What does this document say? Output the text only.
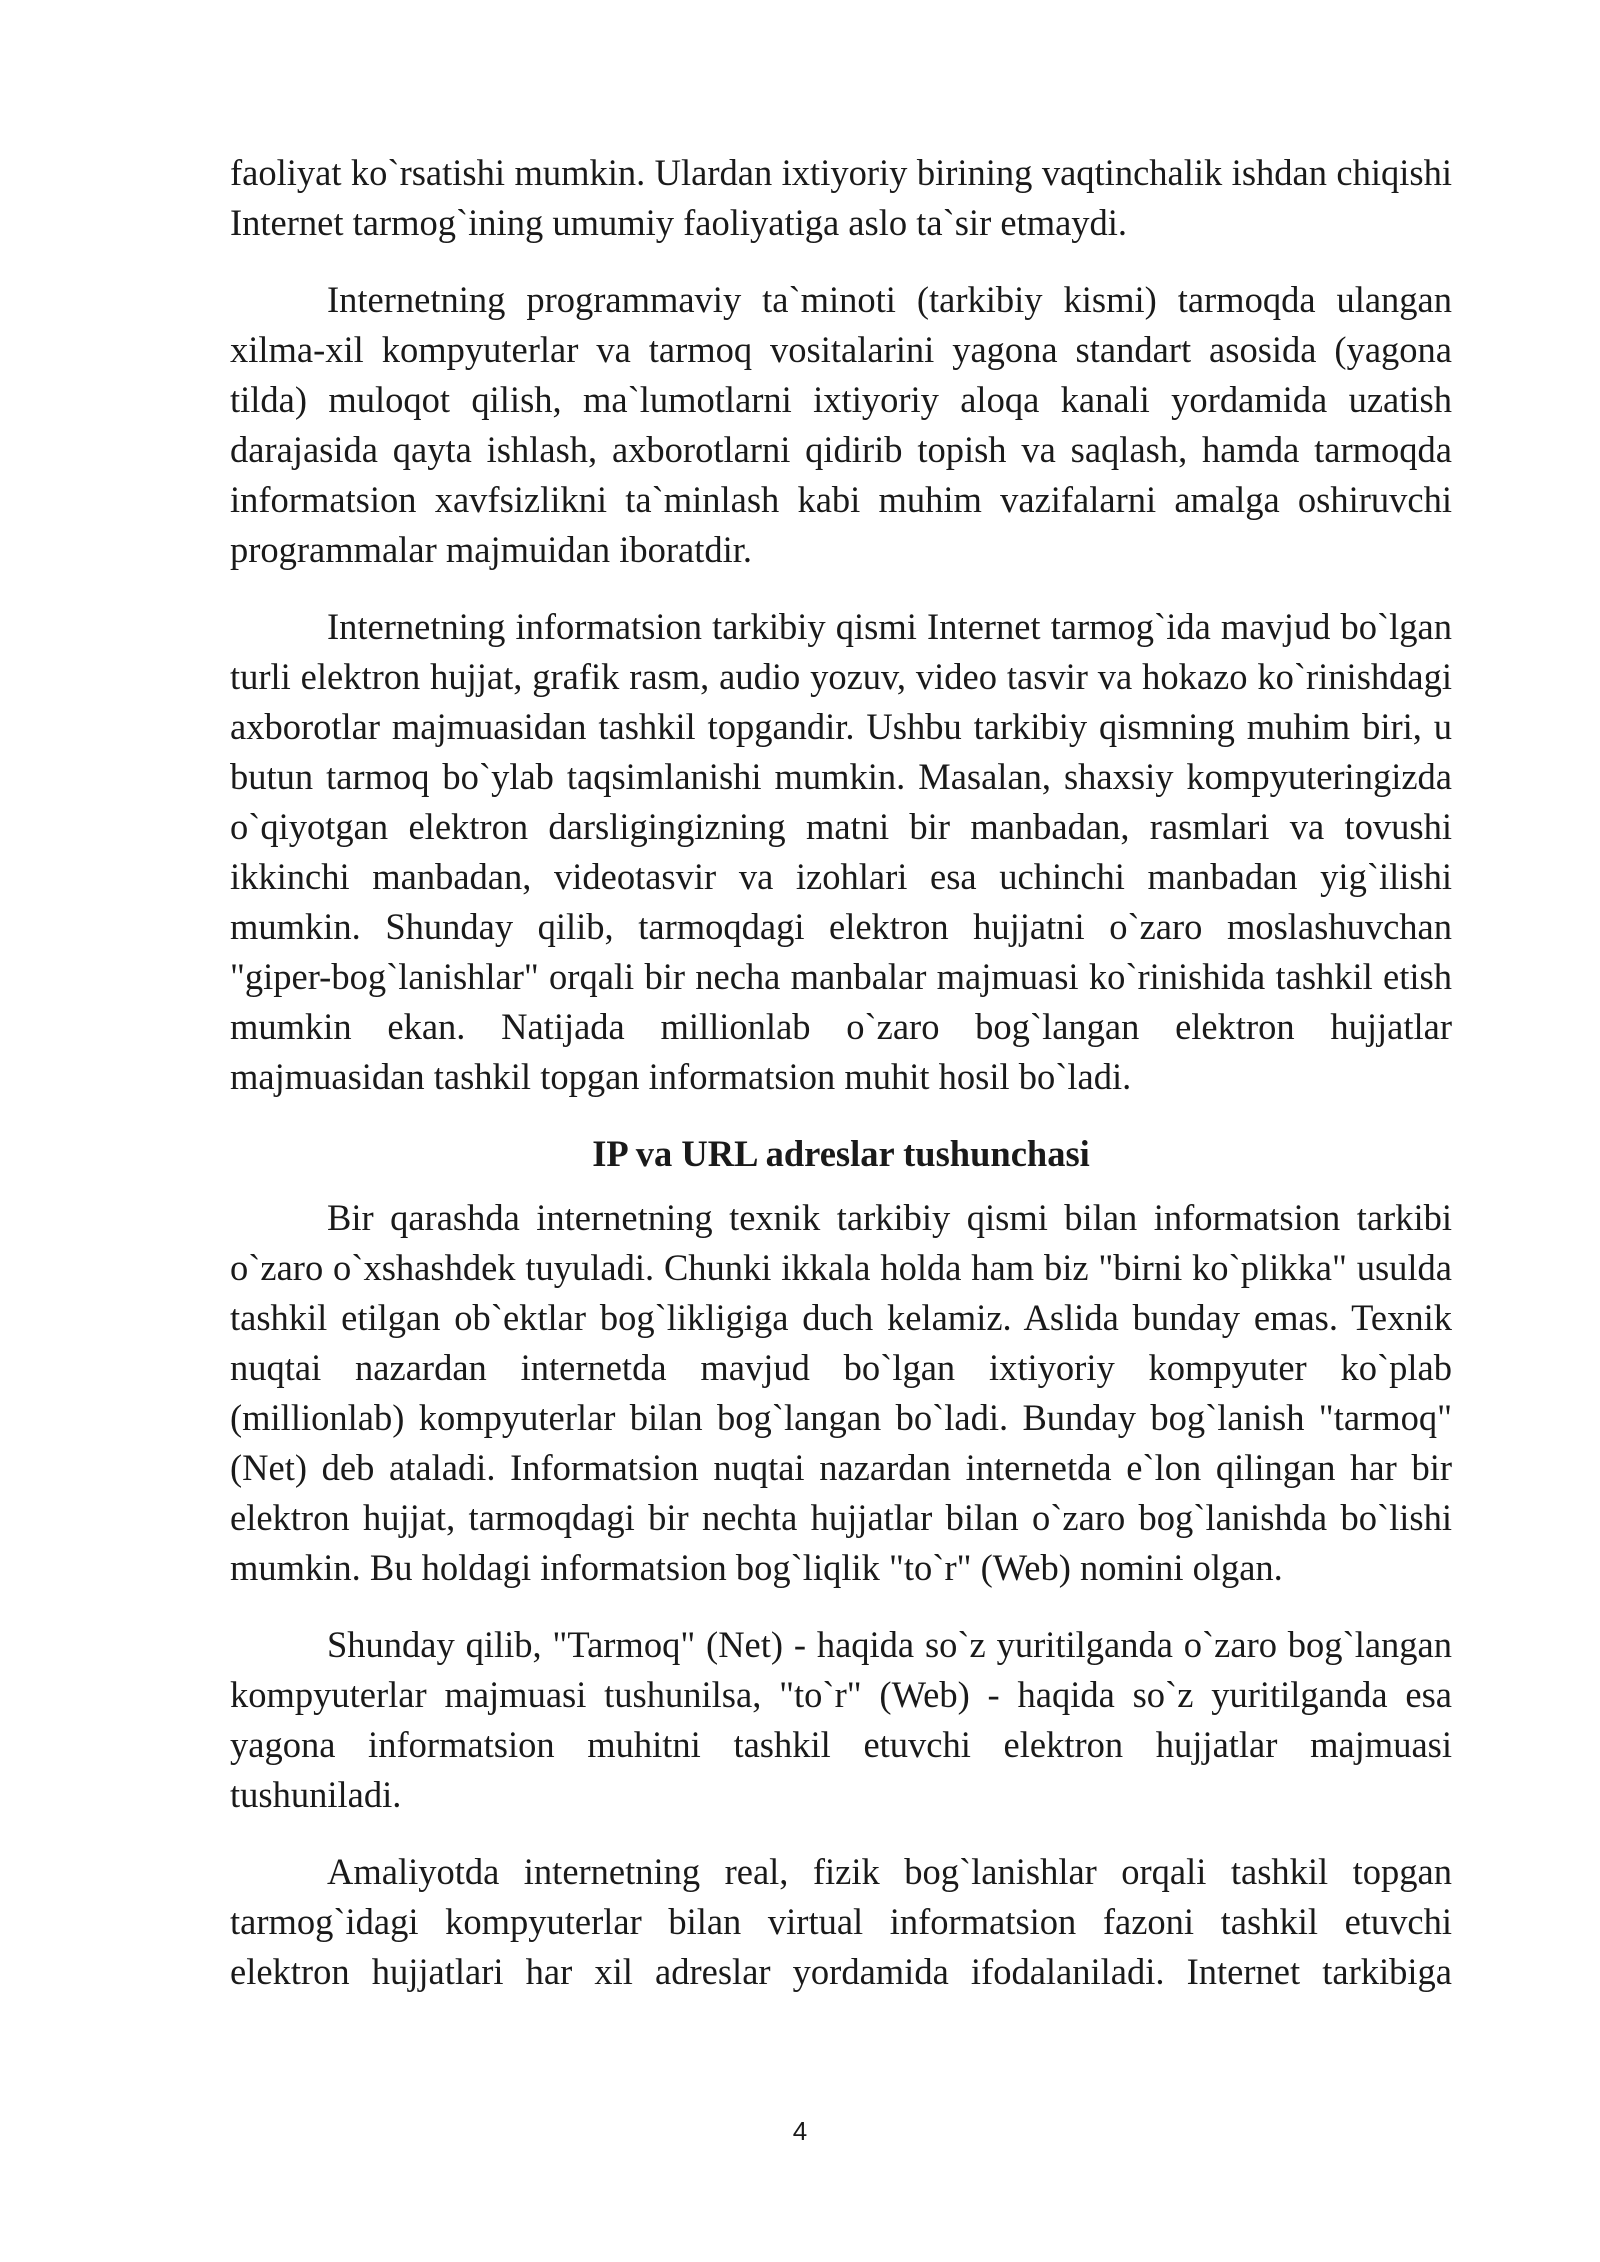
faoliyat ko`rsatishi mumkin. Ulardan ixtiyoriy birining vaqtinchalik ishdan chiqishi Internet tarmog`ining umumiy faoliyatiga aslo ta`sir etmaydi.

Internetning programmaviy ta`minoti (tarkibiy kismi) tarmoqda ulangan xilma-xil kompyuterlar va tarmoq vositalarini yagona standart asosida (yagona tilda) muloqot qilish, ma`lumotlarni ixtiyoriy aloqa kanali yordamida uzatish darajasida qayta ishlash, axborotlarni qidirib topish va saqlash, hamda tarmoqda informatsion xavfsizlikni ta`minlash kabi muhim vazifalarni amalga oshiruvchi programmalar majmuidan iboratdir.

Internetning informatsion tarkibiy qismi Internet tarmog`ida mavjud bo`lgan turli elektron hujjat, grafik rasm, audio yozuv, video tasvir va hokazo ko`rinishdagi axborotlar majmuasidan tashkil topgandir. Ushbu tarkibiy qismning muhim biri, u butun tarmoq bo`ylab taqsimlanishi mumkin. Masalan, shaxsiy kompyuteringizda o`qiyotgan elektron darsligingizning matni bir manbadan, rasmlari va tovushi ikkinchi manbadan, videotasvir va izohlari esa uchinchi manbadan yig`ilishi mumkin. Shunday qilib, tarmoqdagi elektron hujjatni o`zaro moslashuvchan "giper-bog`lanishlar" orqali bir necha manbalar majmuasi ko`rinishida tashkil etish mumkin ekan. Natijada millionlab o`zaro bog`langan elektron hujjatlar majmuasidan tashkil topgan informatsion muhit hosil bo`ladi.

IP va URL adreslar tushunchasi

Bir qarashda internetning texnik tarkibiy qismi bilan informatsion tarkibi o`zaro o`xshashdek tuyuladi. Chunki ikkala holda ham biz "birni ko`plikka" usulda tashkil etilgan ob`ektlar bog`likligiga duch kelamiz. Aslida bunday emas. Texnik nuqtai nazardan internetda mavjud bo`lgan ixtiyoriy kompyuter ko`plab (millionlab) kompyuterlar bilan bog`langan bo`ladi. Bunday bog`lanish "tarmoq"(Net) deb ataladi. Informatsion nuqtai nazardan internetda e`lon qilingan har bir elektron hujjat, tarmoqdagi bir nechta hujjatlar bilan o`zaro bog`lanishda bo`lishi mumkin. Bu holdagi informatsion bog`liqlik "to`r" (Web) nomini olgan.

Shunday qilib, "Tarmoq" (Net) - haqida so`z yuritilganda o`zaro bog`langan kompyuterlar majmuasi tushunilsa, "to`r" (Web) - haqida so`z yuritilganda esa yagona informatsion muhitni tashkil etuvchi elektron hujjatlar majmuasi tushuniladi.

Amaliyotda internetning real, fizik bog`lanishlar orqali tashkil topgan tarmog`idagi kompyuterlar bilan virtual informatsion fazoni tashkil etuvchi elektron hujjatlari har xil adreslar yordamida ifodalaniladi. Internet tarkibiga

4
